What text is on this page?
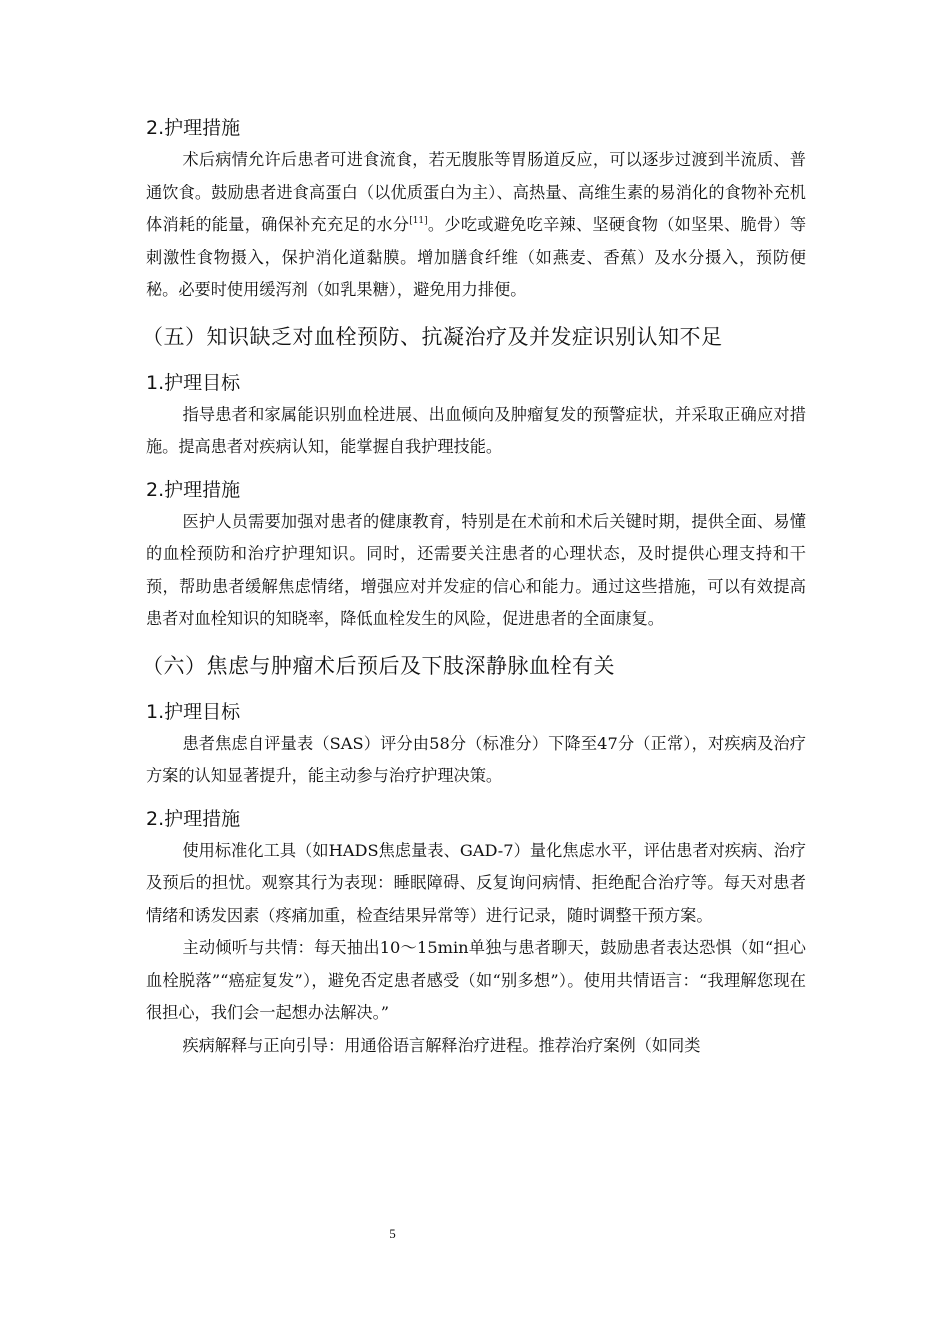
2.护理措施

术后病情允许后患者可进食流食，若无腹胀等胃肠道反应，可以逐步过渡到半流质、普通饮食。鼓励患者进食高蛋白（以优质蛋白为主）、高热量、高维生素的易消化的食物补充机体消耗的能量，确保补充充足的水分[11]。少吃或避免吃辛辣、坚硬食物（如坚果、脆骨）等刺激性食物摄入，保护消化道黏膜。增加膳食纤维（如燕麦、香蕉）及水分摄入，预防便秘。必要时使用缓泻剂（如乳果糖），避免用力排便。

（五）知识缺乏对血栓预防、抗凝治疗及并发症识别认知不足
1.护理目标

指导患者和家属能识别血栓进展、出血倾向及肿瘤复发的预警症状，并采取正确应对措施。提高患者对疾病认知，能掌握自我护理技能。

2.护理措施

医护人员需要加强对患者的健康教育，特别是在术前和术后关键时期，提供全面、易懂的血栓预防和治疗护理知识。同时，还需要关注患者的心理状态，及时提供心理支持和干预，帮助患者缓解焦虑情绪，增强应对并发症的信心和能力。通过这些措施，可以有效提高患者对血栓知识的知晓率，降低血栓发生的风险，促进患者的全面康复。

（六）焦虑与肿瘤术后预后及下肢深静脉血栓有关
1.护理目标

患者焦虑自评量表（SAS）评分由58分（标准分）下降至47分（正常），对疾病及治疗方案的认知显著提升，能主动参与治疗护理决策。

2.护理措施

使用标准化工具（如HADS焦虑量表、GAD-7）量化焦虑水平，评估患者对疾病、治疗及预后的担忧。观察其行为表现：睡眠障碍、反复询问病情、拒绝配合治疗等。每天对患者情绪和诱发因素（疼痛加重，检查结果异常等）进行记录，随时调整干预方案。

主动倾听与共情：每天抽出10～15min单独与患者聊天，鼓励患者表达恐惧（如“担心血栓脱落”“癌症复发”），避免否定患者感受（如“别多想”）。使用共情语言：“我理解您现在很担心，我们会一起想办法解决。”

疾病解释与正向引导：用通俗语言解释治疗进程。推荐治疗案例（如同类

5
